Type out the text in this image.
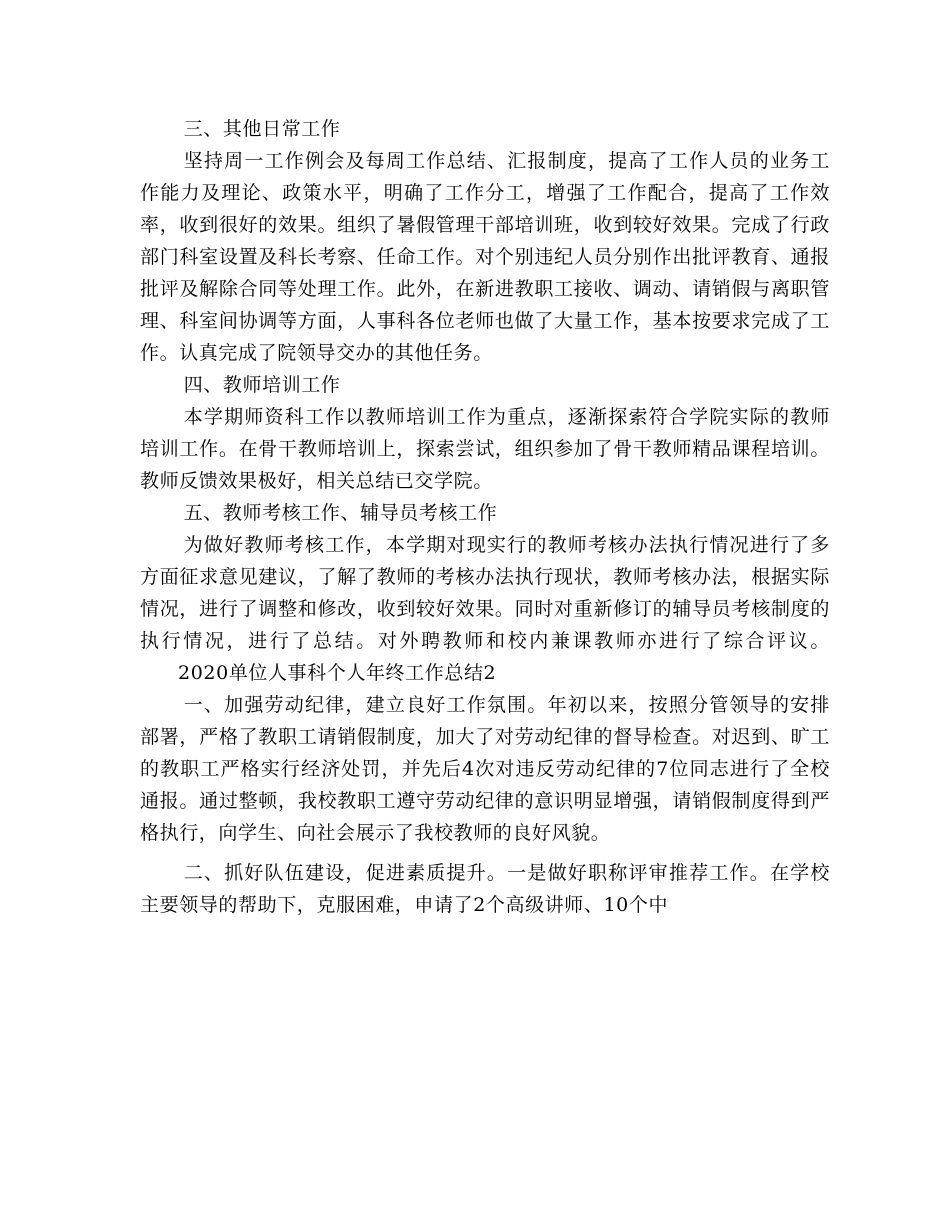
三、其他日常工作

坚持周一工作例会及每周工作总结、汇报制度，提高了工作人员的业务工作能力及理论、政策水平，明确了工作分工，增强了工作配合，提高了工作效率，收到很好的效果。组织了暑假管理干部培训班，收到较好效果。完成了行政部门科室设置及科长考察、任命工作。对个别违纪人员分别作出批评教育、通报批评及解除合同等处理工作。此外，在新进教职工接收、调动、请销假与离职管理、科室间协调等方面，人事科各位老师也做了大量工作，基本按要求完成了工作。认真完成了院领导交办的其他任务。

四、教师培训工作

本学期师资科工作以教师培训工作为重点，逐渐探索符合学院实际的教师培训工作。在骨干教师培训上，探索尝试，组织参加了骨干教师精品课程培训。教师反馈效果极好，相关总结已交学院。

五、教师考核工作、辅导员考核工作

为做好教师考核工作，本学期对现实行的教师考核办法执行情况进行了多方面征求意见建议，了解了教师的考核办法执行现状，教师考核办法，根据实际情况，进行了调整和修改，收到较好效果。同时对重新修订的辅导员考核制度的执行情况，进行了总结。对外聘教师和校内兼课教师亦进行了综合评议。2020单位人事科个人年终工作总结2

一、加强劳动纪律，建立良好工作氛围。年初以来，按照分管领导的安排部署，严格了教职工请销假制度，加大了对劳动纪律的督导检查。对迟到、旷工的教职工严格实行经济处罚，并先后4次对违反劳动纪律的7位同志进行了全校通报。通过整顿，我校教职工遵守劳动纪律的意识明显增强，请销假制度得到严格执行，向学生、向社会展示了我校教师的良好风貌。

二、抓好队伍建设，促进素质提升。一是做好职称评审推荐工作。在学校主要领导的帮助下，克服困难，申请了2个高级讲师、10个中
